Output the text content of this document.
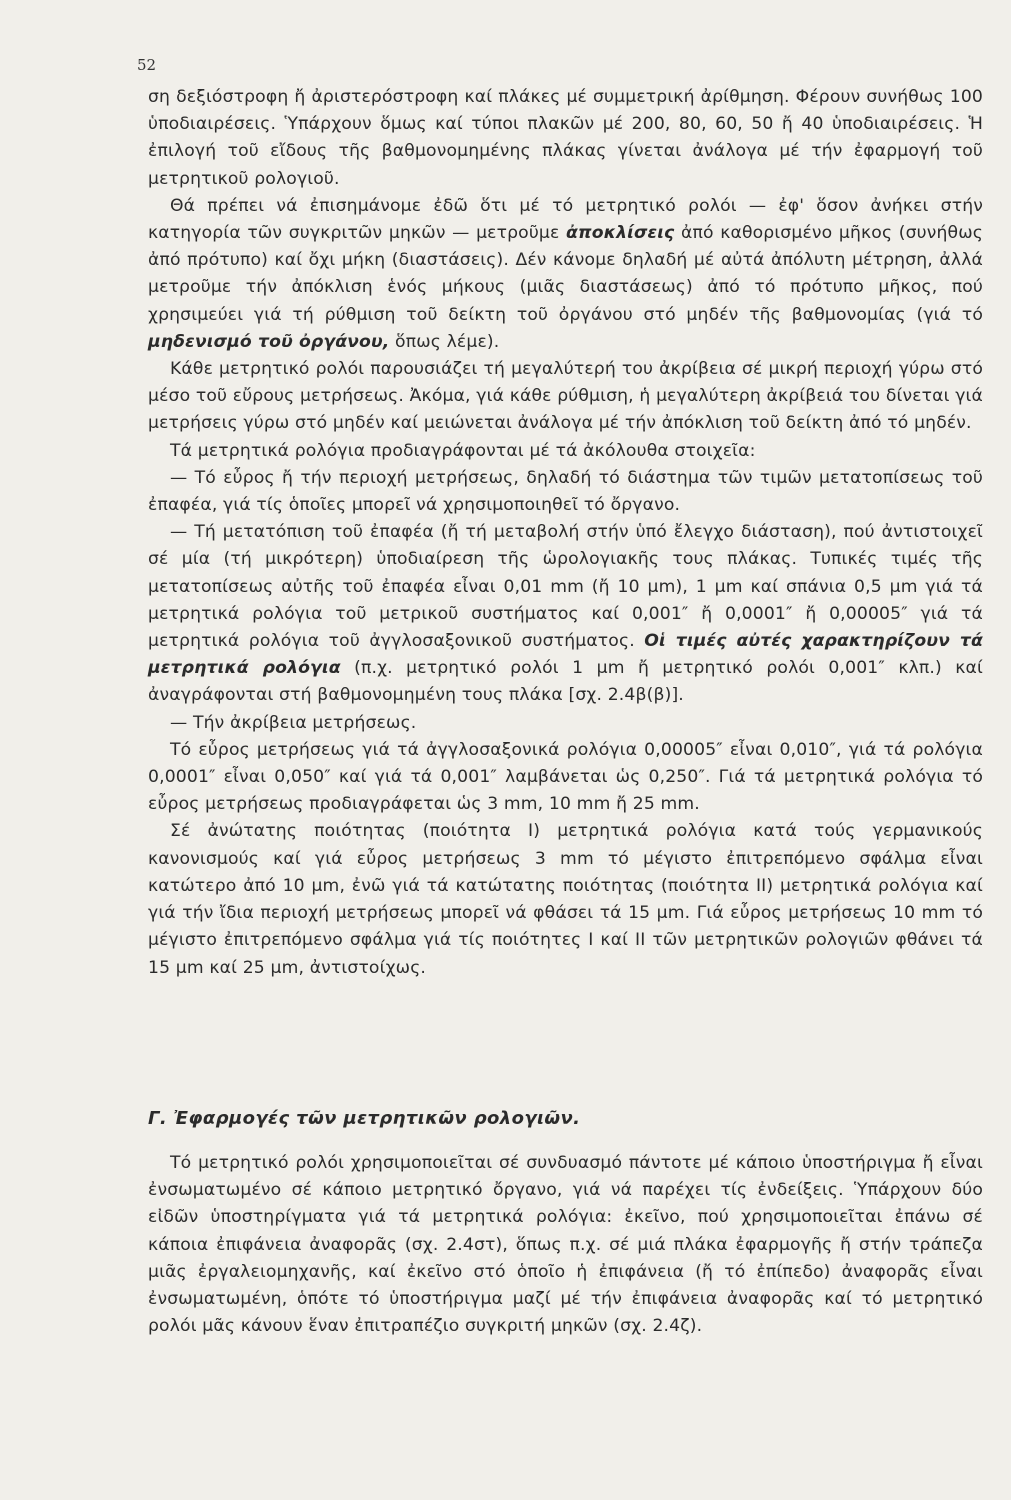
52

ση δεξιόστροφη ἤ ἀριστερόστροφη καί πλάκες μέ συμμετρική ἀρίθμηση. Φέρουν συνήθως 100 ὑποδιαιρέσεις. Ὑπάρχουν ὅμως καί τύποι πλακῶν μέ 200, 80, 60, 50 ἤ 40 ὑποδιαιρέσεις. Ἡ ἐπιλογή τοῦ εἴδους τῆς βαθμονομημένης πλάκας γίνεται ἀνάλογα μέ τήν ἐφαρμογή τοῦ μετρητικοῦ ρολογιοῦ.

Θά πρέπει νά ἐπισημάνομε ἐδῶ ὅτι μέ τό μετρητικό ρολόι — ἐφ' ὅσον ἀνήκει στήν κατηγορία τῶν συγκριτῶν μηκῶν — μετροῦμε ἀποκλίσεις ἀπό καθορισμένο μῆκος (συνήθως ἀπό πρότυπο) καί ὄχι μήκη (διαστάσεις). Δέν κάνομε δηλαδή μέ αὐτά ἀπόλυτη μέτρηση, ἀλλά μετροῦμε τήν ἀπόκλιση ἑνός μήκους (μιᾶς διαστάσεως) ἀπό τό πρότυπο μῆκος, πού χρησιμεύει γιά τή ρύθμιση τοῦ δείκτη τοῦ ὀργάνου στό μηδέν τῆς βαθμονομίας (γιά τό μηδενισμό τοῦ ὀργάνου, ὅπως λέμε).

Κάθε μετρητικό ρολόι παρουσιάζει τή μεγαλύτερή του ἀκρίβεια σέ μικρή περιοχή γύρω στό μέσο τοῦ εὔρους μετρήσεως. Ἀκόμα, γιά κάθε ρύθμιση, ἡ μεγαλύτερη ἀκρίβειά του δίνεται γιά μετρήσεις γύρω στό μηδέν καί μειώνεται ἀνάλογα μέ τήν ἀπόκλιση τοῦ δείκτη ἀπό τό μηδέν.

Τά μετρητικά ρολόγια προδιαγράφονται μέ τά ἀκόλουθα στοιχεῖα:

— Τό εὖρος ἤ τήν περιοχή μετρήσεως, δηλαδή τό διάστημα τῶν τιμῶν μετατοπίσεως τοῦ ἐπαφέα, γιά τίς ὁποῖες μπορεῖ νά χρησιμοποιηθεῖ τό ὄργανο.

— Τή μετατόπιση τοῦ ἐπαφέα (ἤ τή μεταβολή στήν ὑπό ἔλεγχο διάσταση), πού ἀντιστοιχεῖ σέ μία (τή μικρότερη) ὑποδιαίρεση τῆς ὡρολογιακῆς τους πλάκας. Τυπικές τιμές τῆς μετατοπίσεως αὐτῆς τοῦ ἐπαφέα εἶναι 0,01 mm (ἤ 10 μm), 1 μm καί σπάνια 0,5 μm γιά τά μετρητικά ρολόγια τοῦ μετρικοῦ συστήματος καί 0,001″ ἤ 0,0001″ ἤ 0,00005″ γιά τά μετρητικά ρολόγια τοῦ ἀγγλοσαξονικοῦ συστήματος. Οἱ τιμές αὐτές χαρακτηρίζουν τά μετρητικά ρολόγια (π.χ. μετρητικό ρολόι 1 μm ἤ μετρητικό ρολόι 0,001″ κλπ.) καί ἀναγράφονται στή βαθμονομημένη τους πλάκα [σχ. 2.4β(β)].

— Τήν ἀκρίβεια μετρήσεως.

Τό εὖρος μετρήσεως γιά τά ἀγγλοσαξονικά ρολόγια 0,00005″ εἶναι 0,010″, γιά τά ρολόγια 0,0001″ εἶναι 0,050″ καί γιά τά 0,001″ λαμβάνεται ὡς 0,250″. Γιά τά μετρητικά ρολόγια τό εὖρος μετρήσεως προδιαγράφεται ὡς 3 mm, 10 mm ἤ 25 mm.

Σέ ἀνώτατης ποιότητας (ποιότητα I) μετρητικά ρολόγια κατά τούς γερμανικούς κανονισμούς καί γιά εὖρος μετρήσεως 3 mm τό μέγιστο ἐπιτρεπόμενο σφάλμα εἶναι κατώτερο ἀπό 10 μm, ἐνῶ γιά τά κατώτατης ποιότητας (ποιότητα II) μετρητικά ρολόγια καί γιά τήν ἴδια περιοχή μετρήσεως μπορεῖ νά φθάσει τά 15 μm. Γιά εὖρος μετρήσεως 10 mm τό μέγιστο ἐπιτρεπόμενο σφάλμα γιά τίς ποιότητες I καί II τῶν μετρητικῶν ρολογιῶν φθάνει τά 15 μm καί 25 μm, ἀντιστοίχως.

Γ. Ἐφαρμογές τῶν μετρητικῶν ρολογιῶν.

Τό μετρητικό ρολόι χρησιμοποιεῖται σέ συνδυασμό πάντοτε μέ κάποιο ὑποστήριγμα ἤ εἶναι ἐνσωματωμένο σέ κάποιο μετρητικό ὄργανο, γιά νά παρέχει τίς ἐνδείξεις. Ὑπάρχουν δύο εἰδῶν ὑποστηρίγματα γιά τά μετρητικά ρολόγια: ἐκεῖνο, πού χρησιμοποιεῖται ἐπάνω σέ κάποια ἐπιφάνεια ἀναφορᾶς (σχ. 2.4στ), ὅπως π.χ. σέ μιά πλάκα ἐφαρμογῆς ἤ στήν τράπεζα μιᾶς ἐργαλειομηχανῆς, καί ἐκεῖνο στό ὁποῖο ἡ ἐπιφάνεια (ἤ τό ἐπίπεδο) ἀναφορᾶς εἶναι ἐνσωματωμένη, ὁπότε τό ὑποστήριγμα μαζί μέ τήν ἐπιφάνεια ἀναφορᾶς καί τό μετρητικό ρολόι μᾶς κάνουν ἕναν ἐπιτραπέζιο συγκριτή μηκῶν (σχ. 2.4ζ).
